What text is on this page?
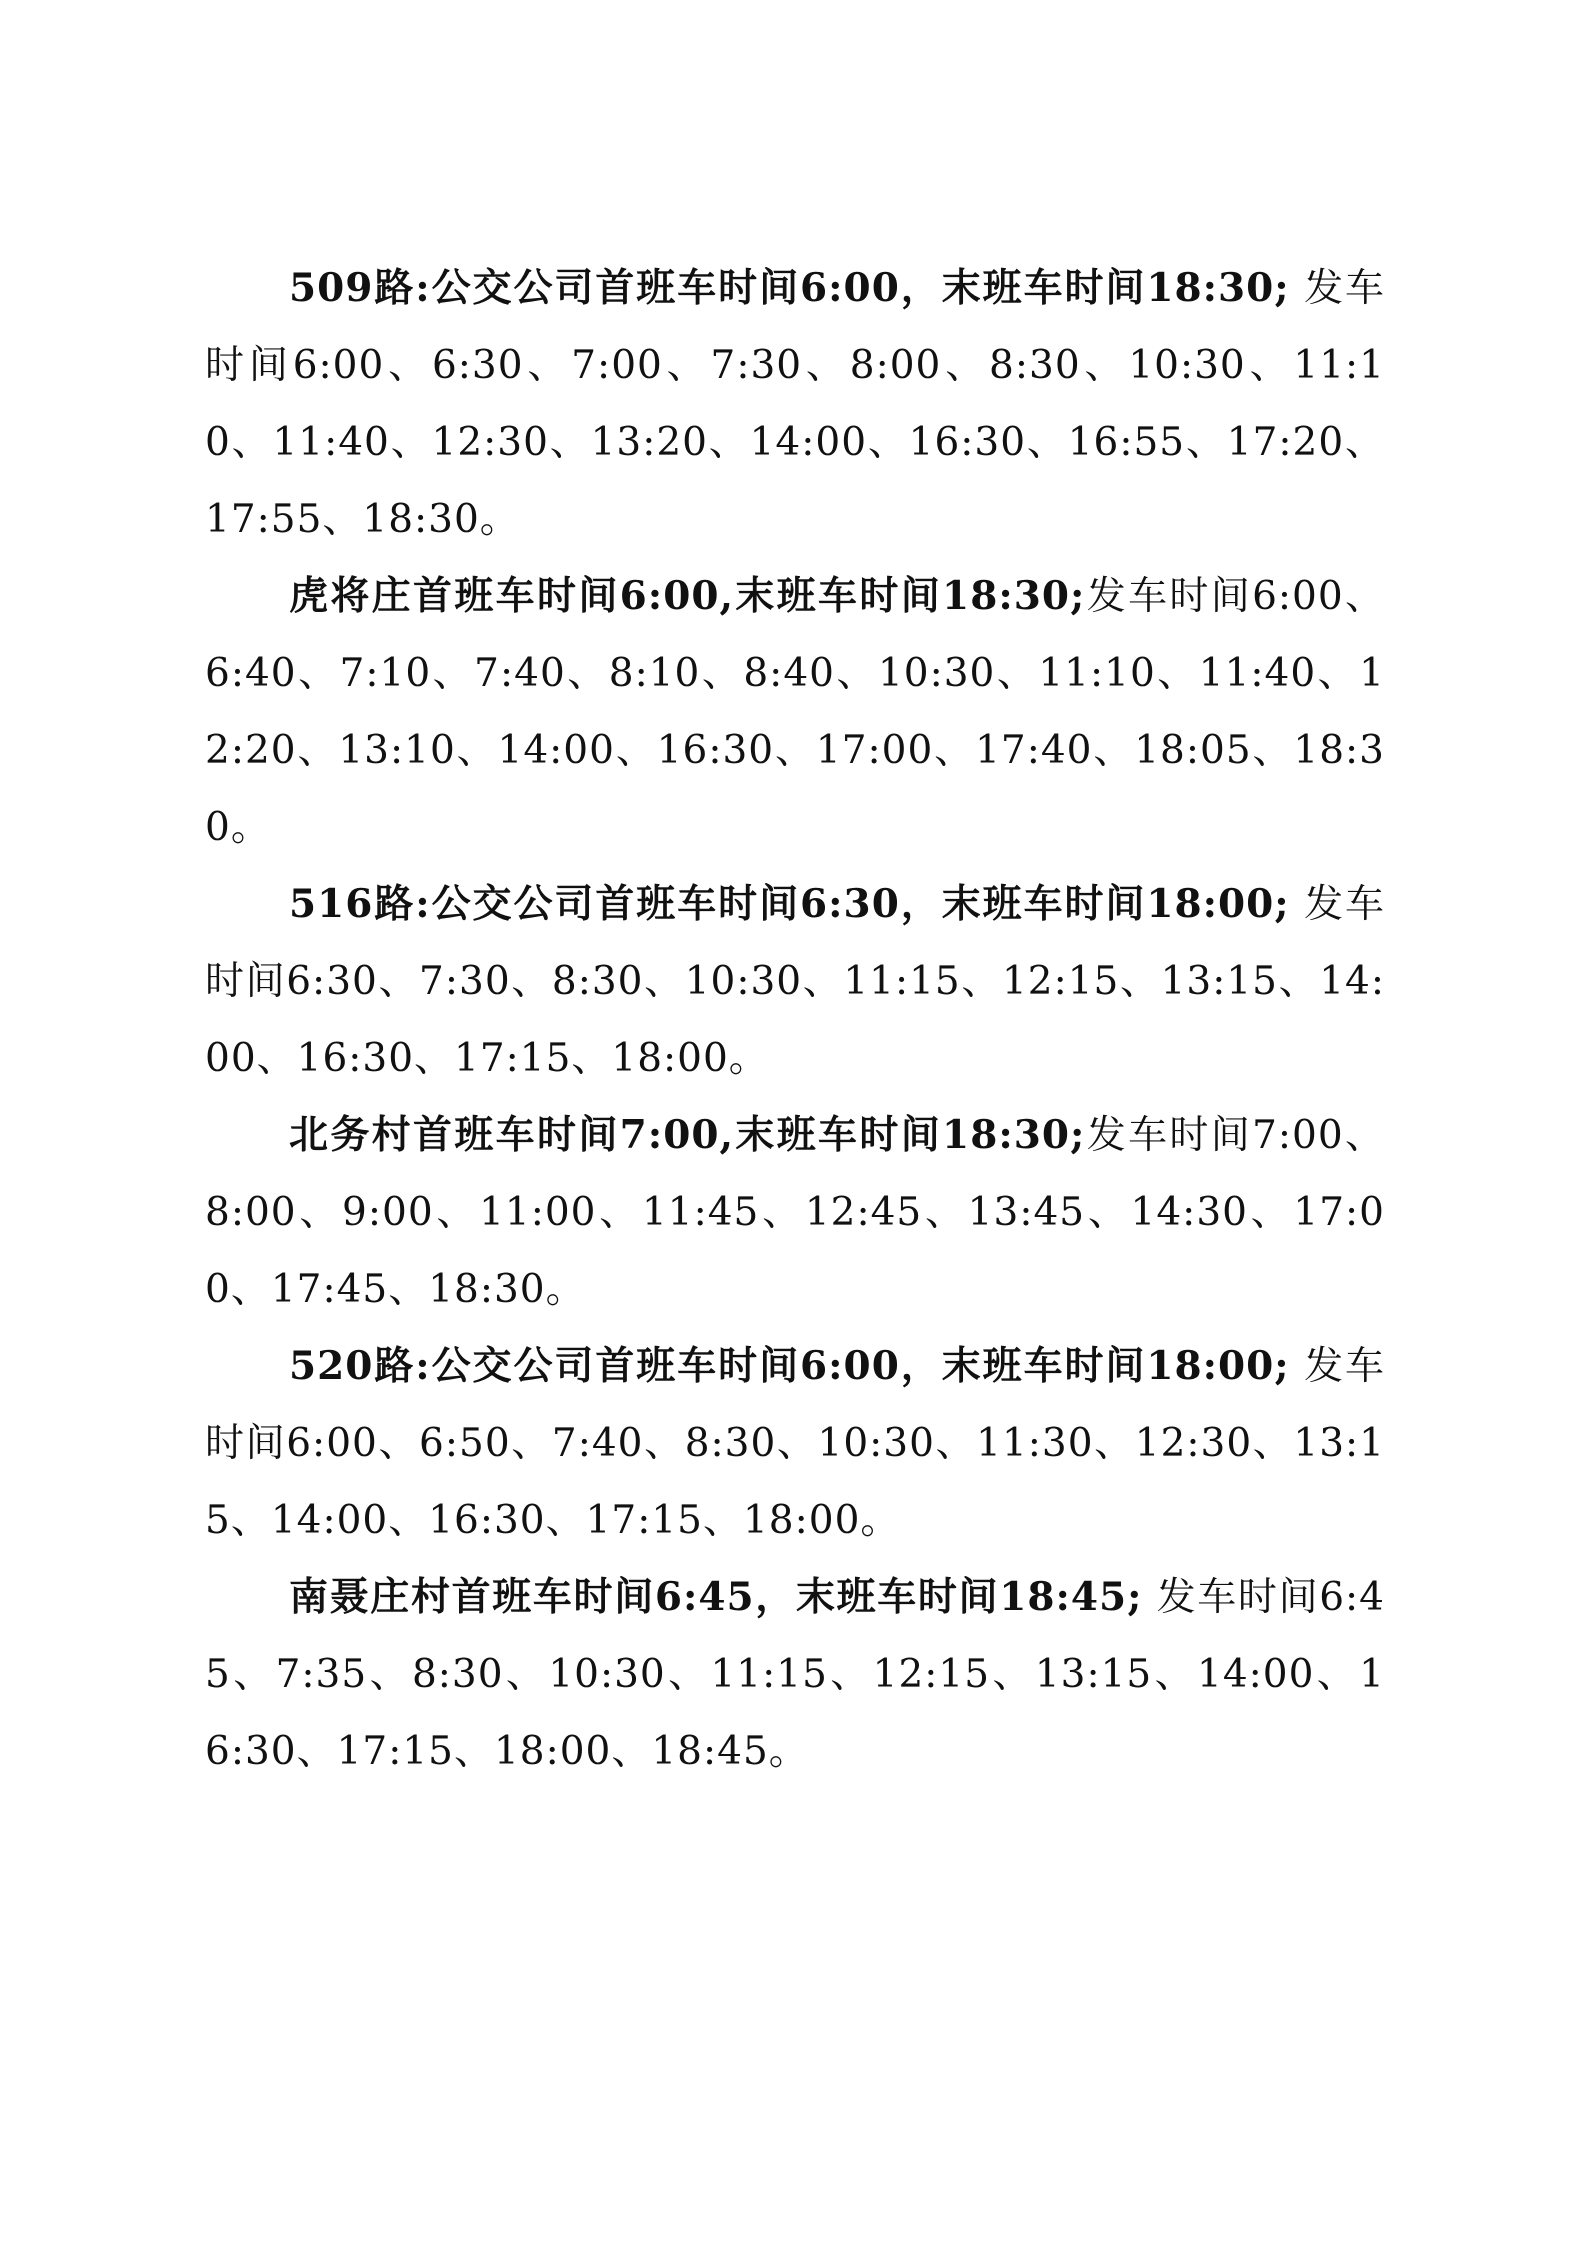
509路:公交公司首班车时间6:00，末班车时间18:30; 发车时间6:00、6:30、7:00、7:30、8:00、8:30、10:30、11:10、11:40、12:30、13:20、14:00、16:30、16:55、17:20、17:55、18:30。

虎将庄首班车时间6:00,末班车时间18:30;发车时间6:00、6:40、7:10、7:40、8:10、8:40、10:30、11:10、11:40、12:20、13:10、14:00、16:30、17:00、17:40、18:05、18:30。

516路:公交公司首班车时间6:30，末班车时间18:00; 发车时间6:30、7:30、8:30、10:30、11:15、12:15、13:15、14:00、16:30、17:15、18:00。

北务村首班车时间7:00,末班车时间18:30;发车时间7:00、8:00、9:00、11:00、11:45、12:45、13:45、14:30、17:00、17:45、18:30。

520路:公交公司首班车时间6:00，末班车时间18:00; 发车时间6:00、6:50、7:40、8:30、10:30、11:30、12:30、13:15、14:00、16:30、17:15、18:00。

南聂庄村首班车时间6:45，末班车时间18:45; 发车时间6:45、7:35、8:30、10:30、11:15、12:15、13:15、14:00、16:30、17:15、18:00、18:45。
